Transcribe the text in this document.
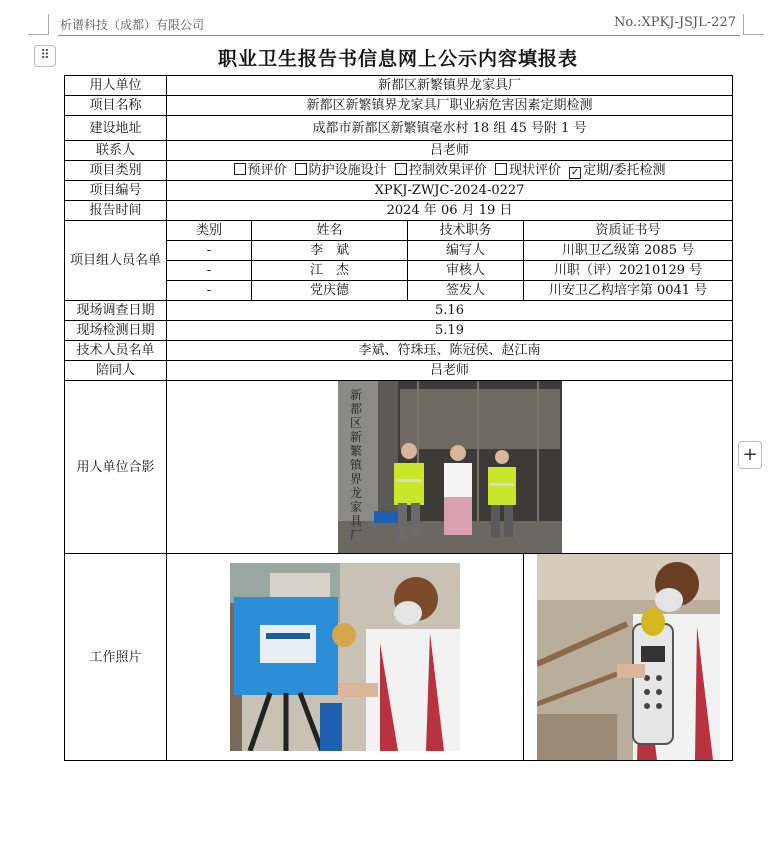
析谱科技（成都）有限公司	No.:XPKJ-JSJL-227
⠿
+
职业卫生报告书信息网上公示内容填报表
用人单位	新都区新繁镇界龙家具厂			
项目名称	新都区新繁镇界龙家具厂职业病危害因素定期检测			
建设地址	成都市新都区新繁镇毫水村 18 组 45 号附 1 号			
联系人	吕老师			
项目类别	预评价 防护设施设计 控制效果评价 现状评价 ✓ 定期/委托检测			
项目编号	XPKJ-ZWJC-2024-0227			
报告时间	2024 年 06 月 19 日			
项目组人员名单	类别	姓名	技术职务	资质证书号
	-	李　斌	编写人	川职卫乙级第 2085 号
	-	江　杰	审核人	川职（评）20210129 号
	-	党庆德	签发人	川安卫乙构培字第 0041 号
现场调查日期	5.16			
现场检测日期	5.19			
技术人员名单	李斌、符珠珏、陈冠侯、赵江南			
陪同人	吕老师			
用人单位合影	新都区新繁镇界龙家具厂			

工作照片		
